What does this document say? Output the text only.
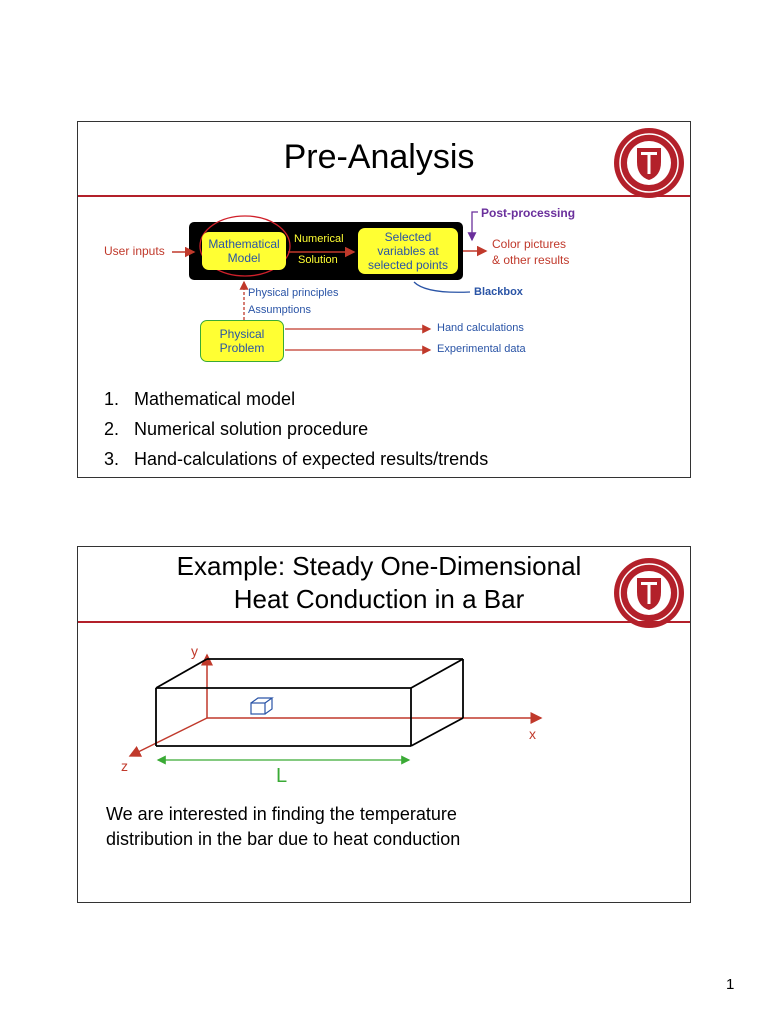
Pre-Analysis
User inputs	Mathematical
Model
Numerical
Solution
Selected
variables at
selected points
Post-processing
Color pictures
& other results
Blackbox
Physical principles
Assumptions
Physical
Problem
Hand calculations
Experimental data
1. Mathematical model
2. Numerical solution procedure
3. Hand-calculations of expected results/trends
Example: Steady One-Dimensional
Heat Conduction in a Bar
y
x
z	L
We are interested in finding the temperature
distribution in the bar due to heat conduction
1
